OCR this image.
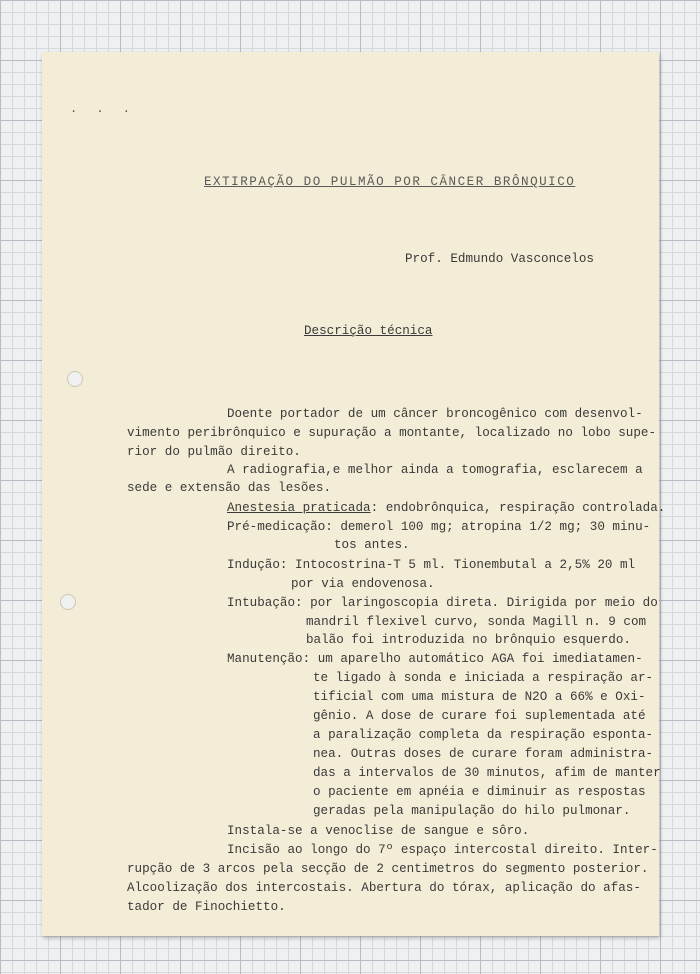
. . .
EXTIRPAÇÃO DO PULMÃO POR CÂNCER BRÔNQUICO
Prof. Edmundo Vasconcelos
Descrição técnica
Doente portador de um câncer broncogênico com desenvol-
vimento peribrônquico e supuração a montante, localizado no lobo supe-
rior do pulmão direito.
A radiografia,e melhor ainda a tomografia, esclarecem a
sede e extensão das lesões.
Anestesia praticada: endobrônquica, respiração controlada.
Pré-medicação: demerol 100 mg; atropina 1/2 mg; 30 minu-
tos antes.
Indução: Intocostrina-T 5 ml. Tionembutal a 2,5% 20 ml
por via endovenosa.
Intubação: por laringoscopia direta. Dirigida por meio do
mandril flexivel curvo, sonda Magill n. 9 com
balão foi introduzida no brônquio esquerdo.
Manutenção: um aparelho automático AGA foi imediatamen-
te ligado à sonda e iniciada a respiração ar-
tificial com uma mistura de N2O a 66% e Oxi-
gênio. A dose de curare foi suplementada até
a paralização completa da respiração esponta-
nea. Outras doses de curare foram administra-
das a intervalos de 30 minutos, afim de manter
o paciente em apnéia e diminuir as respostas
geradas pela manipulação do hilo pulmonar.
Instala-se a venoclise de sangue e sôro.
Incisão ao longo do 7º espaço intercostal direito. Inter-
rupção de 3 arcos pela secção de 2 centimetros do segmento posterior.
Alcoolização dos intercostais. Abertura do tórax, aplicação do afas-
tador de Finochietto.
